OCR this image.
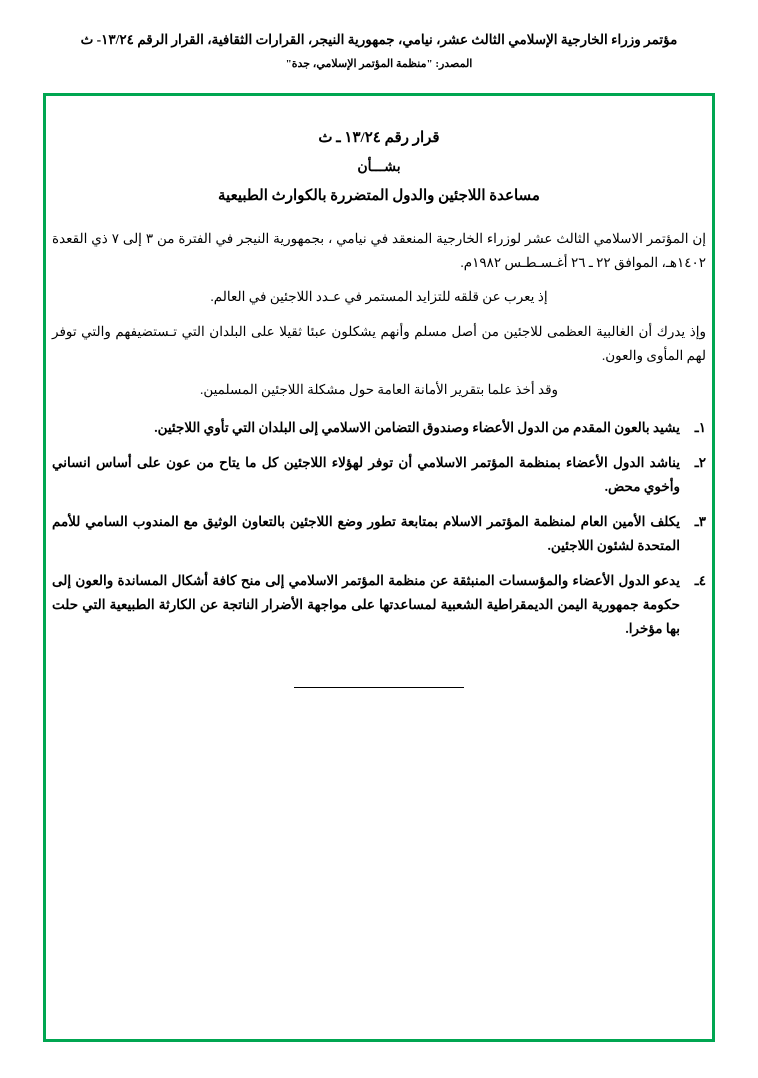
مؤتمر وزراء الخارجية الإسلامي الثالث عشر، نيامي، جمهورية النيجر، القرارات الثقافية، القرار الرقم ١٣/٢٤- ث
المصدر: "منظمة المؤتمر الإسلامي، جدة"
قرار رقم ١٣/٢٤ ـ ث
بشـــأن
مساعدة اللاجئين والدول المتضررة بالكوارث الطبيعية

إن المؤتمر الاسلامي الثالث عشر لوزراء الخارجية المنعقد في نيامي ، بجمهورية النيجر في الفترة من ٣ إلى ٧ ذي القعدة ١٤٠٢هـ، الموافق ٢٢ ـ ٢٦ أغـسـطـس ١٩٨٢م.

إذ يعرب عن قلقه للتزايد المستمر في عـدد اللاجئين في العالم.

وإذ يدرك أن الغالبية العظمى للاجئين من أصل مسلم وأنهم يشكلون عبئا ثقيلا على البلدان التي تـستضيفهم والتي توفر لهم المأوى والعون.

وقد أخذ علما بتقرير الأمانة العامة حول مشكلة اللاجئين المسلمين.

١ـ
يشيد بالعون المقدم من الدول الأعضاء وصندوق التضامن الاسلامي إلى البلدان التي تأوي اللاجئين.
٢ـ
يناشد الدول الأعضاء بمنظمة المؤتمر الاسلامي أن توفر لهؤلاء اللاجئين كل ما يتاح من عون على أساس انساني وأخوي محض.
٣ـ
يكلف الأمين العام لمنظمة المؤتمر الاسلام بمتابعة تطور وضع اللاجئين بالتعاون الوثيق مع المندوب السامي للأمم المتحدة لشئون اللاجئين.
٤ـ
يدعو الدول الأعضاء والمؤسسات المنبثقة عن منظمة المؤتمر الاسلامي إلى منح كافة أشكال المساندة والعون إلى حكومة جمهورية اليمن الديمقراطية الشعبية لمساعدتها على مواجهة الأضرار الناتجة عن الكارثة الطبيعية التي حلت بها مؤخرا.
